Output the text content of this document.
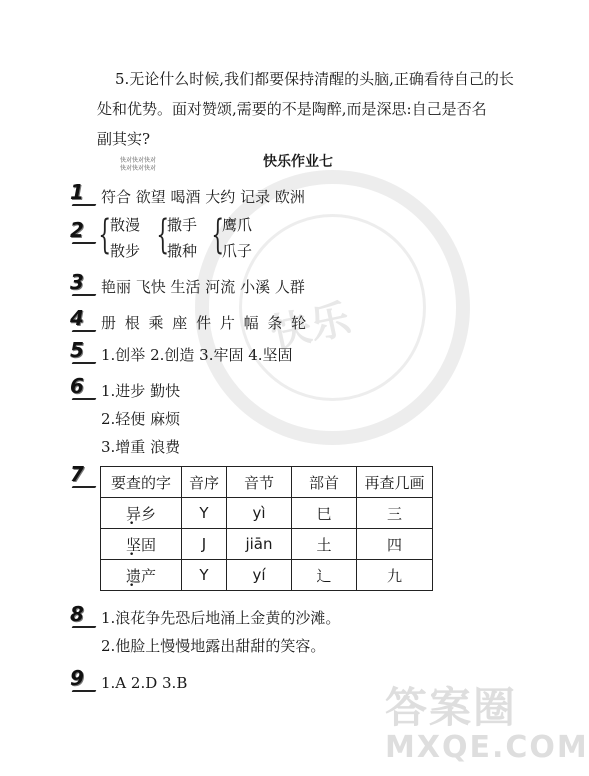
快乐
答案圈
MXQE.COM
5.无论什么时候,我们都要保持清醒的头脑,正确看待自己的长
处和优势。面对赞颂,需要的不是陶醉,而是深思:自己是否名
副其实?
快对快对快对
快对快对快对	快乐作业七
1	符合 欲望 喝酒 大约 记录 欧洲
2 {
散漫
散步 {
撒手
撒种 {
鹰爪
爪子
3	艳丽 飞快 生活 河流 小溪 人群
4	册 根 乘 座 件 片 幅 条 轮
5	1.创举 2.创造 3.牢固 4.坚固
6	1.进步 勤快
2.轻便 麻烦
3.增重 浪费
7	要查的字	音序	音节	部首	再查几画
异乡	Y	yì	巳	三
坚固	J	jiān	土	四
遗产	Y	yí	辶	九
8	1.浪花争先恐后地涌上金黄的沙滩。
2.他脸上慢慢地露出甜甜的笑容。
9	1.A 2.D 3.B
